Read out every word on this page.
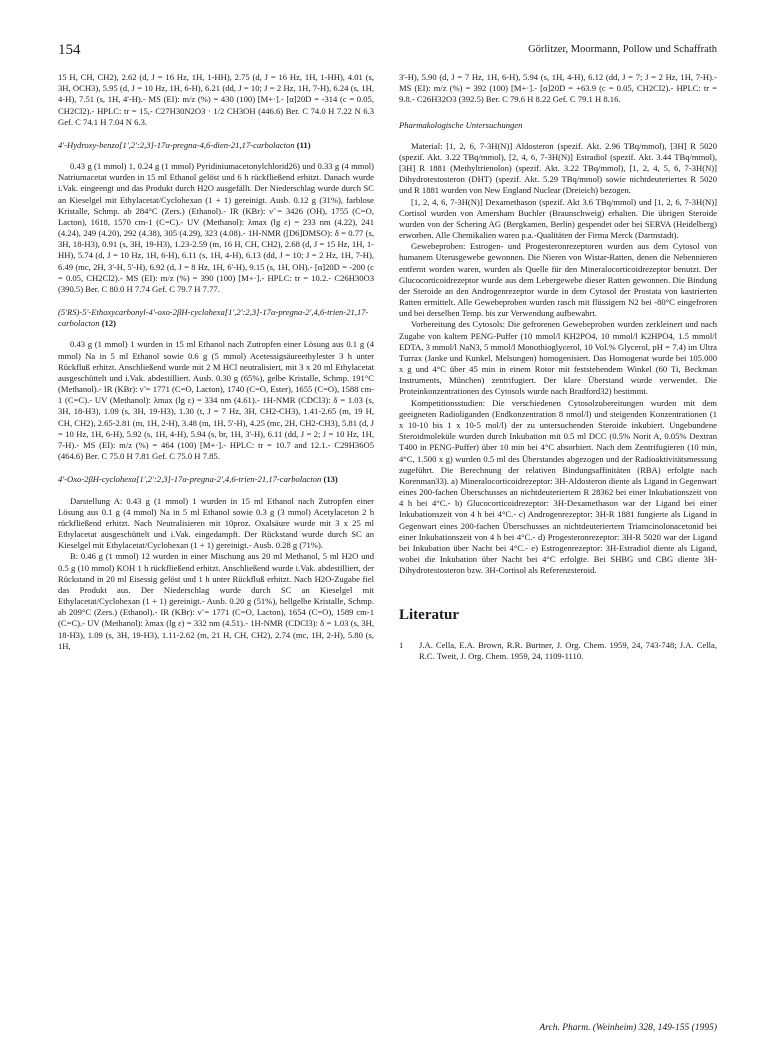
154	Görlitzer, Moormann, Pollow und Schaffrath

15 H, CH, CH2), 2.62 (d, J = 16 Hz, 1H, 1-HH), 2.75 (d, J = 16 Hz, 1H, 1-HH), 4.01 (s, 3H, OCH3), 5.95 (d, J = 10 Hz, 1H, 6-H), 6.21 (dd, J = 10; J = 2 Hz, 1H, 7-H), 6.24 (s, 1H, 4-H), 7.51 (s, 1H, 4'-H).- MS (EI): m/z (%) = 430 (100) [M+·].- [α]20D = -314 (c = 0.05, CH2Cl2).- HPLC: tr = 15,- C27H30N2O3 · 1/2 CH3OH (446.6) Ber. C 74.0 H 7.22 N 6.3 Gef. C 74.1 H 7.04 N 6.3.

4'-Hydroxy-benzo[1',2':2,3]-17α-pregna-4,6-dien-21,17-carbolacton (11)

0.43 g (1 mmol) 1, 0.24 g (1 mmol) Pyridiniumacetonylchlorid26) und 0.33 g (4 mmol) Natriumacetat wurden in 15 ml Ethanol gelöst und 6 h rückfließend erhitzt. Danach wurde i.Vak. eingeengt und das Produkt durch H2O ausgefällt. Der Niederschlag wurde durch SC an Kieselgel mit Ethylacetat/Cyclohexan (1 + 1) gereinigt. Ausb. 0.12 g (31%), farblose Kristalle, Schmp. ab 284°C (Zers.) (Ethanol).- IR (KBr): ν̃ = 3426 (OH), 1755 (C=O, Lacton), 1618, 1570 cm-1 (C=C).- UV (Methanol): λmax (lg ε) = 233 nm (4.22), 241 (4.24), 249 (4.20), 292 (4.38), 305 (4.29), 323 (4.08).- 1H-NMR ([D6]DMSO): δ = 0.77 (s, 3H, 18-H3), 0.91 (s, 3H, 19-H3), 1.23-2.59 (m, 16 H, CH, CH2), 2.68 (d, J = 15 Hz, 1H, 1-HH), 5.74 (d, J = 10 Hz, 1H, 6-H), 6.11 (s, 1H, 4-H), 6.13 (dd, J = 10; J = 2 Hz, 1H, 7-H), 6.49 (mc, 2H, 3'-H, 5'-H), 6.92 (d, J = 8 Hz, 1H, 6'-H), 9.15 (s, 1H, OH).- [α]20D = -200 (c = 0.05, CH2Cl2).- MS (EI): m/z (%) = 390 (100) [M+·].- HPLC: tr = 10.2.- C26H30O3 (390.5) Ber. C 80.0 H 7.74 Gef. C 79.7 H 7.77.

(5'RS)-5'-Ethoxycarbonyl-4'-oxo-2βH-cyclohexa[1',2':2,3]-17α-pregna-2',4,6-trien-21,17-carbolacton (12)

0.43 g (1 mmol) 1 wurden in 15 ml Ethanol nach Zutropfen einer Lösung aus 0.1 g (4 mmol) Na in 5 ml Ethanol sowie 0.6 g (5 mmol) Acetessigsäureethylester 3 h unter Rückfluß erhitzt. Anschließend wurde mit 2 M HCl neutralisiert, mit 3 x 20 ml Ethylacetat ausgeschüttelt und i.Vak. abdestilliert. Ausb. 0.30 g (65%), gelbe Kristalle, Schmp. 191°C (Methanol).- IR (KBr): ν̃ = 1771 (C=O, Lacton), 1740 (C=O, Ester), 1655 (C=O), 1588 cm-1 (C=C).- UV (Methanol): λmax (lg ε) = 334 nm (4.61).- 1H-NMR (CDCl3): δ = 1.03 (s, 3H, 18-H3), 1.09 (s, 3H, 19-H3), 1.30 (t, J = 7 Hz, 3H, CH2-CH3), 1.41-2.65 (m, 19 H, CH, CH2), 2.65-2.81 (m, 1H, 2-H), 3.48 (m, 1H, 5'-H), 4.25 (mc, 2H, CH2-CH3), 5.81 (d, J = 10 Hz, 1H, 6-H), 5.92 (s, 1H, 4-H), 5.94 (s, br, 1H, 3'-H), 6.11 (dd, J = 2; J = 10 Hz, 1H, 7-H).- MS (EI): m/z (%) = 464 (100) [M+·].- HPLC: tr = 10.7 and 12.1.- C29H36O5 (464.6) Ber. C 75.0 H 7.81 Gef. C 75.0 H 7.85.

4'-Oxo-2βH-cyclohexa[1',2':2,3]-17α-pregna-2',4,6-trien-21,17-carbolacton (13)

Darstellung A: 0.43 g (1 mmol) 1 wurden in 15 ml Ethanol nach Zutropfen einer Lösung aus 0.1 g (4 mmol) Na in 5 ml Ethanol sowie 0.3 g (3 mmol) Acetylaceton 2 h rückfließend erhitzt. Nach Neutralisieren mit 10proz. Oxalsäure wurde mit 3 x 25 ml Ethylacetat ausgeschüttelt und i.Vak. eingedampft. Der Rückstand wurde durch SC an Kieselgel mit Ethylacetat/Cyclohexan (1 + 1) gereinigt.- Ausb. 0.28 g (71%).

B: 0.46 g (1 mmol) 12 wurden in einer Mischung aus 20 ml Methanol, 5 ml H2O und 0.5 g (10 mmol) KOH 1 h rückfließend erhitzt. Anschließend wurde i.Vak. abdestilliert, der Rückstand in 20 ml Eisessig gelöst und 1 h unter Rückfluß erhitzt. Nach H2O-Zugabe fiel das Produkt aus. Der Niederschlag wurde durch SC an Kieselgel mit Ethylacetat/Cyclohexan (1 + 1) gereinigt.- Ausb. 0.20 g (51%), hellgelbe Kristalle, Schmp. ab 209°C (Zers.) (Ethanol).- IR (KBr): ν̃ = 1771 (C=O, Lacton), 1654 (C=O), 1589 cm-1 (C=C).- UV (Methanol): λmax (lg ε) = 332 nm (4.51).- 1H-NMR (CDCl3): δ = 1.03 (s, 3H, 18-H3), 1.09 (s, 3H, 19-H3), 1.11-2.62 (m, 21 H, CH, CH2), 2.74 (mc, 1H, 2-H), 5.80 (s, 1H,

3'-H), 5.90 (d, J = 7 Hz, 1H, 6-H), 5.94 (s, 1H, 4-H), 6.12 (dd, J = 7; J = 2 Hz, 1H, 7-H).- MS (EI): m/z (%) = 392 (100) [M+·].- [α]20D = +63.9 (c = 0.05, CH2Cl2).- HPLC: tr = 9.8.- C26H32O3 (392.5) Ber. C 79.6 H 8.22 Gef. C 79.1 H 8.16.

Pharmakologische Untersuchungen

Material: [1, 2, 6, 7-3H(N)] Aldosteron (spezif. Akt. 2.96 TBq/mmol), [3H] R 5020 (spezif. Akt. 3.22 TBq/mmol), [2, 4, 6, 7-3H(N)] Estradiol (spezif. Akt. 3.44 TBq/mmol), [3H] R 1881 (Methyltrienolon) (spezif. Akt. 3.22 TBq/mmol), [1, 2, 4, 5, 6, 7-3H(N)] Dihydrotestosteron (DHT) (spezif. Akt. 5.29 TBq/mmol) sowie nichtdeuteriertes R 5020 und R 1881 wurden von New England Nuclear (Dreieich) bezogen.

[1, 2, 4, 6, 7-3H(N)] Dexamethason (spezif. Akt 3.6 TBq/mmol) und [1, 2, 6, 7-3H(N)] Cortisol wurden von Amersham Buchler (Braunschweig) erhalten. Die übrigen Steroide wurden von der Schering AG (Bergkamen, Berlin) gespendet oder bei SERVA (Heidelberg) erworben. Alle Chemikalien waren p.a.-Qualitäten der Firma Merck (Darmstadt).

Gewebeproben: Estrogen- und Progesteronrezeptoren wurden aus dem Cytosol von humanem Uterusgewebe gewonnen. Die Nieren von Wistar-Ratten, denen die Nebennieren entfernt worden waren, wurden als Quelle für den Mineralocorticoidrezeptor benutzt. Der Glucocorticoidrezeptor wurde aus dem Lebergewebe dieser Ratten gewonnen. Die Bindung der Steroide an den Androgenrezeptor wurde in dem Cytosol der Prostata von kastrierten Ratten ermittelt. Alle Gewebeproben wurden rasch mit flüssigem N2 bei -80°C eingefroren und bei derselben Temp. bis zur Verwendung aufbewahrt.

Vorbereitung des Cytosols: Die gefrorenen Gewebeproben wurden zerkleinert und nach Zugabe von kaltem PENG-Puffer (10 mmol/l KH2PO4, 10 mmol/l K2HPO4, 1.5 mmol/l EDTA, 3 mmol/l NaN3, 5 mmol/l Monothioglycerol, 10 Vol.% Glycerol, pH = 7.4) im Ultra Turrax (Janke und Kunkel, Melsungen) homogenisiert. Das Homogenat wurde bei 105.000 x g und 4°C über 45 min in einem Rotor mit feststehendem Winkel (60 Ti, Beckman Instruments, München) zentrifugiert. Der klare Überstand wurde verwendet. Die Proteinkonzentrationen des Cytosols wurde nach Bradford32) bestimmt.

Kompetitionsstudien: Die verschiedenen Cytosolzubereitungen wurden mit dem geeigneten Radioliganden (Endkonzentration 8 nmol/l) und steigenden Konzentrationen (1 x 10-10 bis 1 x 10-5 mol/l) der zu untersuchenden Steroide inkubiert. Ungebundene Steroidmoleküle wurden durch Inkubation mit 0.5 ml DCC (0.5% Norit A, 0.05% Dextran T400 in PENG-Puffer) über 10 min bei 4°C absorbiert. Nach dem Zentrifugieren (10 min, 4°C, 1.500 x g) wurden 0.5 ml des Überstandes abgezogen und der Radioaktivitätsmessung zugeführt. Die Berechnung der relativen Bindungsaffinitäten (RBA) erfolgte nach Korenman33). a) Mineralocorticoidrezeptor: 3H-Aldosteron diente als Ligand in Gegenwart eines 200-fachen Überschusses an nichtdeuteriertem R 28362 bei einer Inkubationszeit von 4 h bei 4°C.- b) Glucocorticoidrezeptor: 3H-Dexamethason war der Ligand bei einer Inkubationszeit von 4 h bei 4°C.- c) Androgenrezeptor: 3H-R 1881 fungierte als Ligand in Gegenwart eines 200-fachen Überschusses an nichtdeuteriertem Triamcinolonacetonid bei einer Inkubationszeit von 4 h bei 4°C.- d) Progesteronrezeptor: 3H-R 5020 war der Ligand bei Inkubation über Nacht bei 4°C.- e) Estrogenrezeptor: 3H-Estradiol diente als Ligand, wobei die Inkubation über Nacht bei 4°C erfolgte. Bei SHBG und CBG diente 3H-Dihydrotestosteron bzw. 3H-Cortisol als Referenzsteroid.

Literatur
1 J.A. Cella, E.A. Brown, R.R. Burtner, J. Org. Chem. 1959, 24, 743-748; J.A. Cella, R.C. Tweit, J. Org. Chem. 1959, 24, 1109-1110.
Arch. Pharm. (Weinheim) 328, 149-155 (1995)
